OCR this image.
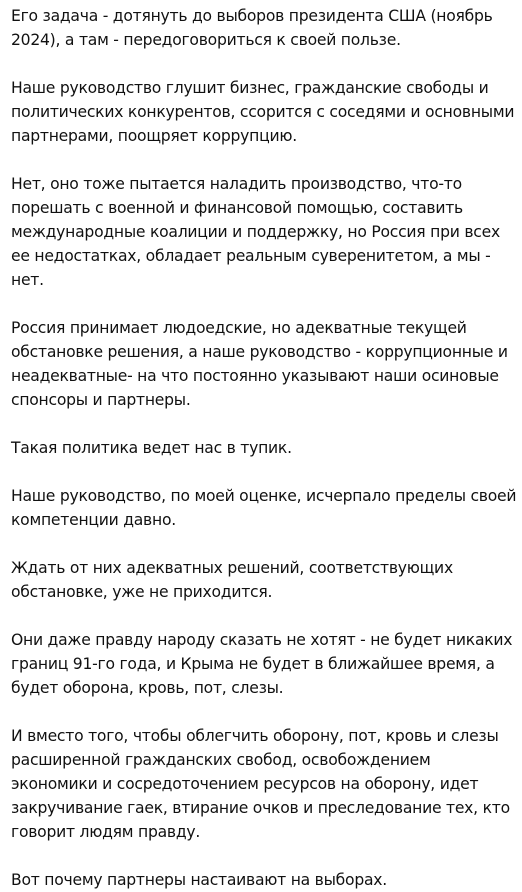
Его задача - дотянуть до выборов президента США (ноябрь 2024), а там - передоговориться к своей пользе.

Наше руководство глушит бизнес, гражданские свободы и политических конкурентов, ссорится с соседями и основными партнерами, поощряет коррупцию.

Нет, оно тоже пытается наладить производство, что-то порешать с военной и финансовой помощью, составить международные коалиции и поддержку, но Россия при всех ее недостатках, обладает реальным суверенитетом, а мы - нет.

Россия принимает людоедские, но адекватные текущей обстановке решения, а наше руководство - коррупционные и неадекватные- на что постоянно указывают наши осиновые спонсоры и партнеры.

Такая политика ведет нас в тупик.

Наше руководство, по моей оценке, исчерпало пределы своей компетенции давно.

Ждать от них адекватных решений, соответствующих обстановке, уже не приходится.

Они даже правду народу сказать не хотят - не будет никаких границ 91-го года, и Крыма не будет в ближайшее время, а будет оборона, кровь, пот, слезы.

И вместо того, чтобы облегчить оборону, пот, кровь и слезы расширенной гражданских свобод, освобождением экономики и сосредоточением ресурсов на оборону, идет закручивание гаек, втирание очков и преследование тех, кто говорит людям правду.

Вот почему партнеры настаивают на выборах.
